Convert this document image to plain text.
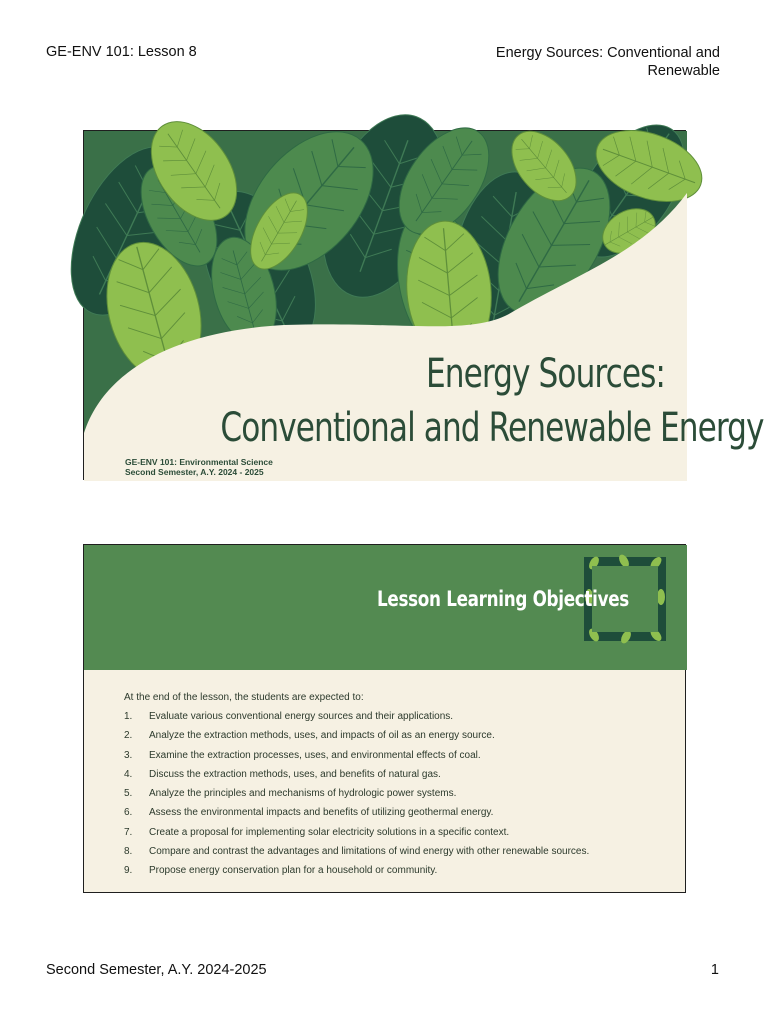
GE-ENV 101: Lesson 8	Energy Sources: Conventional and
Renewable
Energy Sources:
Conventional and Renewable Energy
GE-ENV 101: Environmental Science
Second Semester, A.Y. 2024 - 2025
Lesson Learning Objectives

At the end of the lesson, the students are expected to:

1.	Evaluate various conventional energy sources and their applications.
2.	Analyze the extraction methods, uses, and impacts of oil as an energy source.
3.	Examine the extraction processes, uses, and environmental effects of coal.
4.	Discuss the extraction methods, uses, and benefits of natural gas.
5.	Analyze the principles and mechanisms of hydrologic power systems.
6.	Assess the environmental impacts and benefits of utilizing geothermal energy.
7.	Create a proposal for implementing solar electricity solutions in a specific context.
8.	Compare and contrast the advantages and limitations of wind energy with other renewable sources.
9.	Propose energy conservation plan for a household or community.
Second Semester, A.Y. 2024-2025	1
